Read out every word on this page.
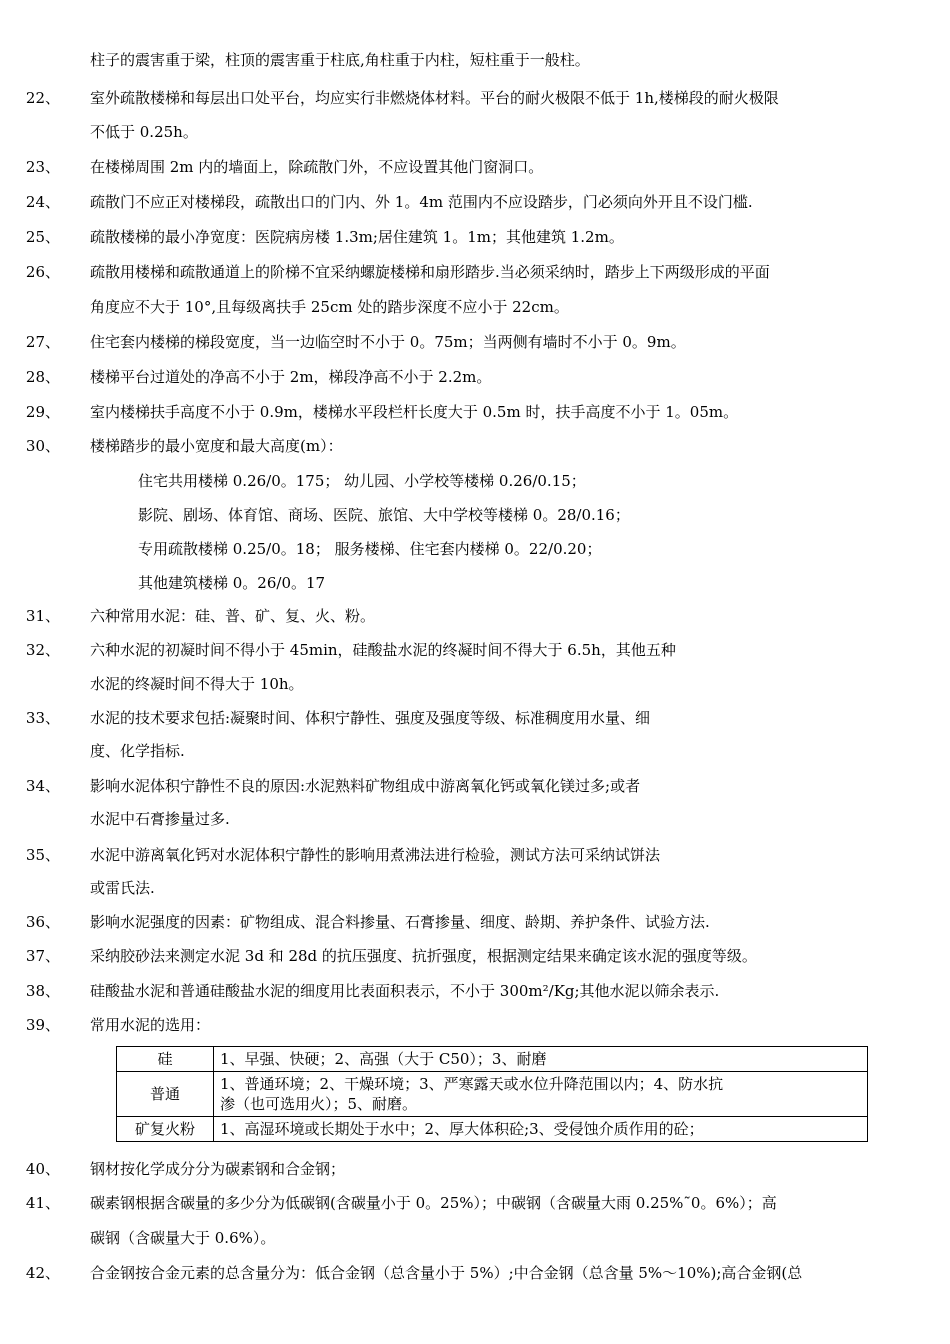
柱子的震害重于梁，柱顶的震害重于柱底,角柱重于内柱，短柱重于一般柱。
22、 室外疏散楼梯和每层出口处平台，均应实行非燃烧体材料。平台的耐火极限不低于 1h,楼梯段的耐火极限
不低于 0.25h。
23、 在楼梯周围 2m 内的墙面上，除疏散门外，不应设置其他门窗洞口。
24、 疏散门不应正对楼梯段，疏散出口的门内、外 1。4m 范围内不应设踏步，门必须向外开且不设门槛.
25、 疏散楼梯的最小净宽度：医院病房楼 1.3m;居住建筑 1。1m；其他建筑 1.2m。
26、 疏散用楼梯和疏散通道上的阶梯不宜采纳螺旋楼梯和扇形踏步.当必须采纳时，踏步上下两级形成的平面
角度应不大于 10°,且每级离扶手 25cm 处的踏步深度不应小于 22cm。
27、 住宅套内楼梯的梯段宽度，当一边临空时不小于 0。75m；当两侧有墙时不小于 0。9m。
28、 楼梯平台过道处的净高不小于 2m，梯段净高不小于 2.2m。
29、 室内楼梯扶手高度不小于 0.9m，楼梯水平段栏杆长度大于 0.5m 时，扶手高度不小于 1。05m。
30、 楼梯踏步的最小宽度和最大高度(m）：
住宅共用楼梯 0.26/0。175； 幼儿园、小学校等楼梯 0.26/0.15；
影院、剧场、体育馆、商场、医院、旅馆、大中学校等楼梯 0。28/0.16；
专用疏散楼梯 0.25/0。18； 服务楼梯、住宅套内楼梯 0。22/0.20；
其他建筑楼梯 0。26/0。17
31、 六种常用水泥：硅、普、矿、复、火、粉。
32、 六种水泥的初凝时间不得小于 45min，硅酸盐水泥的终凝时间不得大于 6.5h，其他五种
水泥的终凝时间不得大于 10h。
33、 水泥的技术要求包括:凝聚时间、体积宁静性、强度及强度等级、标准稠度用水量、细
度、化学指标.
34、 影响水泥体积宁静性不良的原因:水泥熟料矿物组成中游离氧化钙或氧化镁过多;或者
水泥中石膏掺量过多.
35、 水泥中游离氧化钙对水泥体积宁静性的影响用煮沸法进行检验，测试方法可采纳试饼法
或雷氏法.
36、 影响水泥强度的因素：矿物组成、混合料掺量、石膏掺量、细度、龄期、养护条件、试验方法.
37、 采纳胶砂法来测定水泥 3d 和 28d 的抗压强度、抗折强度，根据测定结果来确定该水泥的强度等级。
38、 硅酸盐水泥和普通硅酸盐水泥的细度用比表面积表示，不小于 300m²/Kg;其他水泥以筛余表示.
39、 常用水泥的选用：
硅	1、早强、快硬；2、高强（大于 C50）；3、耐磨
普通	1、普通环境；2、干燥环境；3、严寒露天或水位升降范围以内；4、防水抗
渗（也可选用火）；5、耐磨。

矿复火粉	1、高湿环境或长期处于水中；2、厚大体积砼;3、受侵蚀介质作用的砼；
40、 钢材按化学成分分为碳素钢和合金钢；
41、 碳素钢根据含碳量的多少分为低碳钢(含碳量小于 0。25%）；中碳钢（含碳量大雨 0.25%˜0。6%）；高
碳钢（含碳量大于 0.6%）。
42、 合金钢按合金元素的总含量分为：低合金钢（总含量小于 5%）;中合金钢（总含量 5%～10%);高合金钢(总
